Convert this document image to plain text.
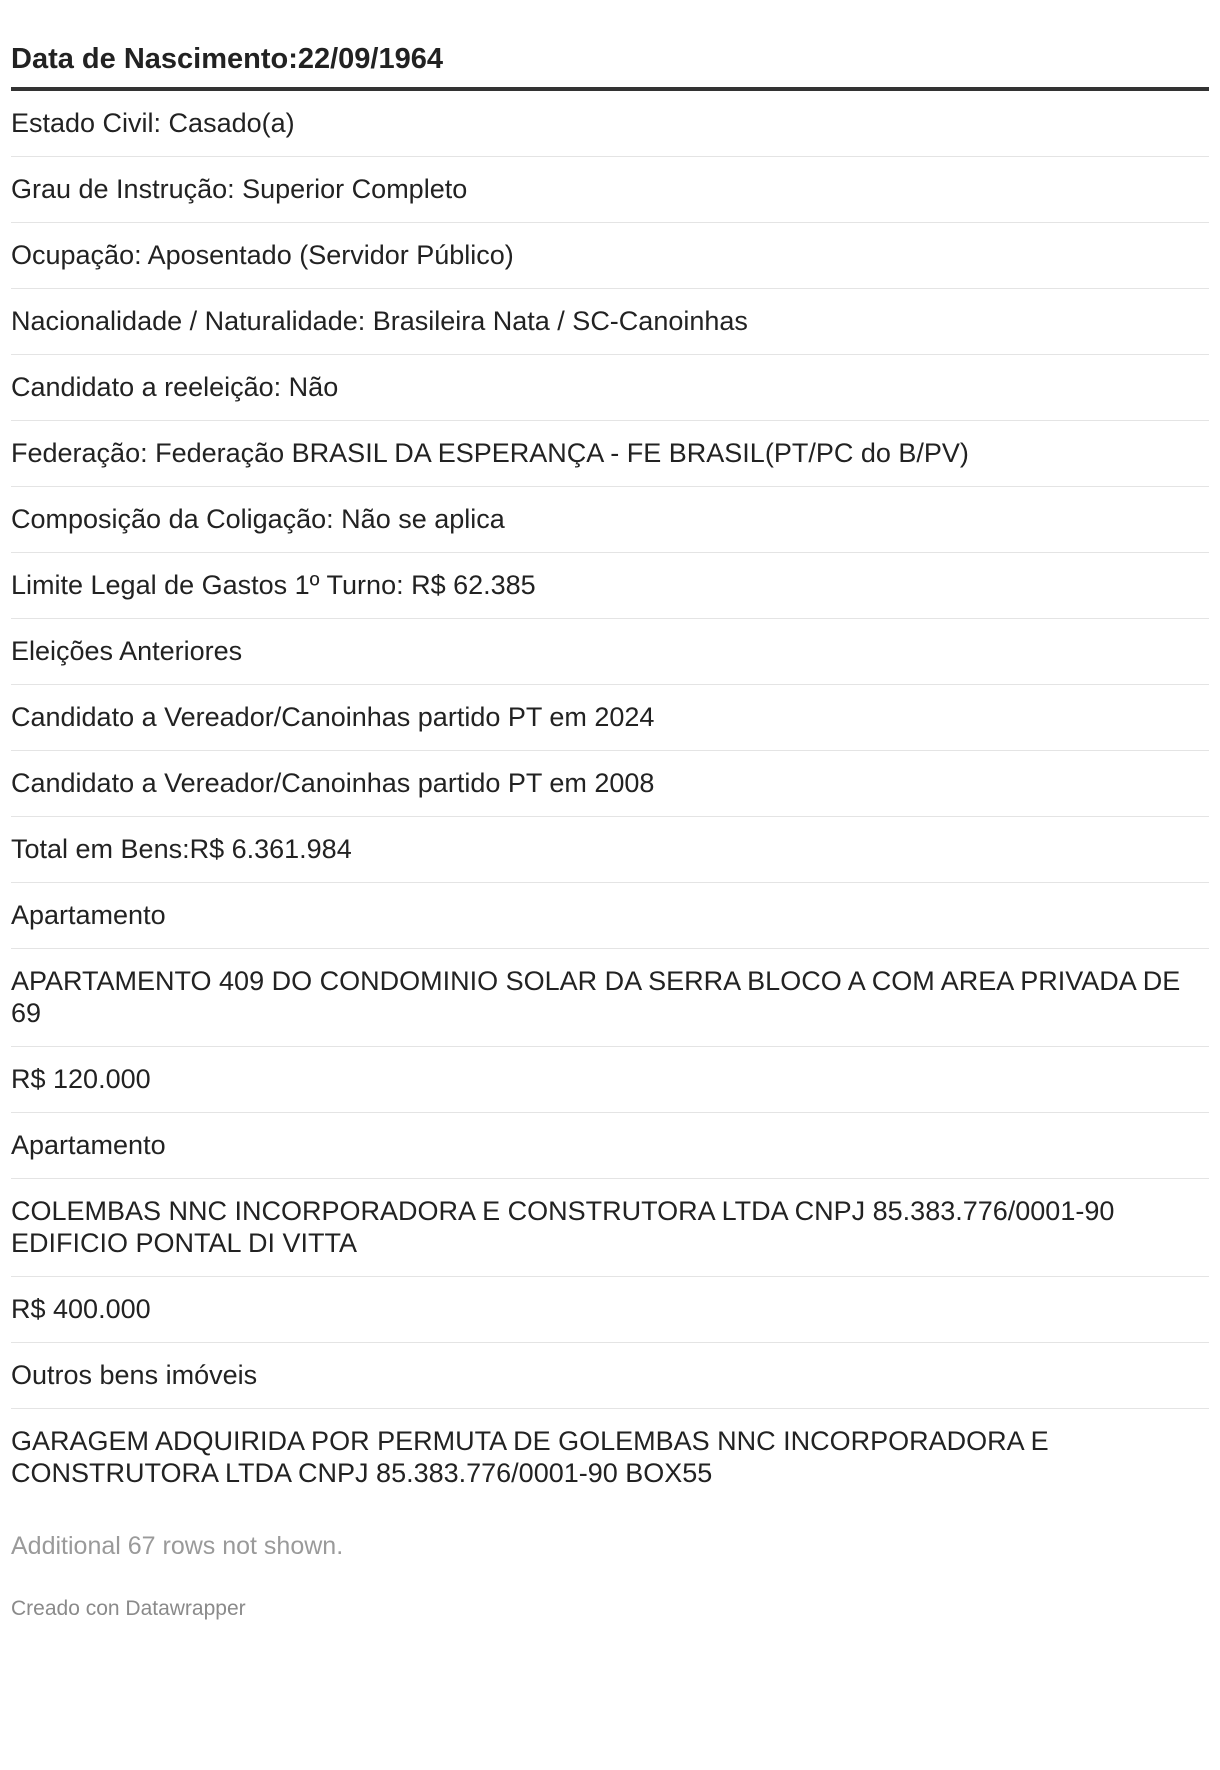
Data de Nascimento:22/09/1964
Estado Civil: Casado(a)
Grau de Instrução: Superior Completo
Ocupação: Aposentado (Servidor Público)
Nacionalidade / Naturalidade: Brasileira Nata / SC-Canoinhas
Candidato a reeleição: Não
Federação: Federação BRASIL DA ESPERANÇA - FE BRASIL(PT/PC do B/PV)
Composição da Coligação: Não se aplica
Limite Legal de Gastos 1º Turno: R$ 62.385
Eleições Anteriores
Candidato a Vereador/Canoinhas partido PT em 2024
Candidato a Vereador/Canoinhas partido PT em 2008
Total em Bens:R$ 6.361.984
Apartamento
APARTAMENTO 409 DO CONDOMINIO SOLAR DA SERRA BLOCO A COM AREA PRIVADA DE 69
R$ 120.000
Apartamento
COLEMBAS NNC INCORPORADORA E CONSTRUTORA LTDA CNPJ 85.383.776/0001-90 EDIFICIO PONTAL DI VITTA
R$ 400.000
Outros bens imóveis
GARAGEM ADQUIRIDA POR PERMUTA DE GOLEMBAS NNC INCORPORADORA E CONSTRUTORA LTDA CNPJ 85.383.776/0001-90 BOX55
Additional 67 rows not shown.
Creado con Datawrapper
